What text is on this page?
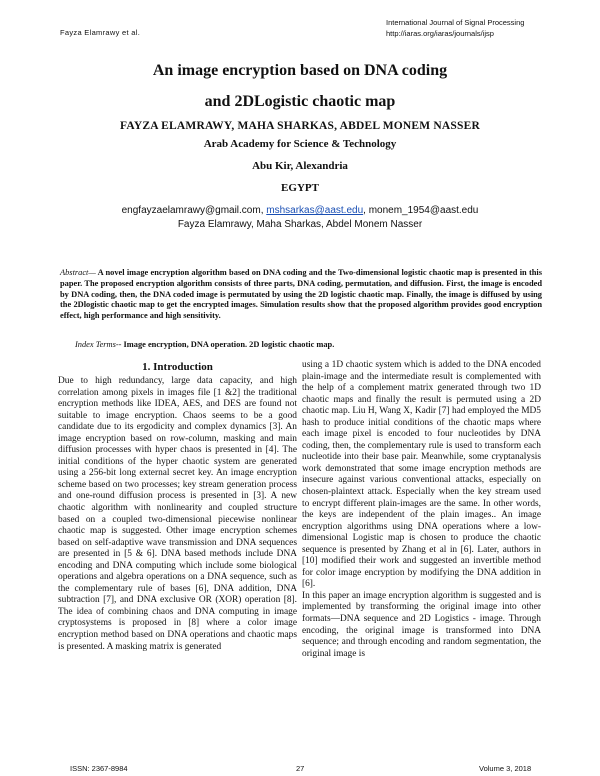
Fayza Elamrawy et al.
International Journal of Signal Processing
http://iaras.org/iaras/journals/ijsp
An image encryption based on DNA coding
and 2DLogistic chaotic map
FAYZA ELAMRAWY, MAHA SHARKAS, ABDEL MONEM NASSER
Arab Academy for Science & Technology
Abu Kir, Alexandria
EGYPT
engfayzaelamrawy@gmail.com, mshsarkas@aast.edu, monem_1954@aast.edu
Fayza Elamrawy, Maha Sharkas, Abdel Monem Nasser
Abstract— A novel image encryption algorithm based on DNA coding and the Two-dimensional logistic chaotic map is presented in this paper. The proposed encryption algorithm consists of three parts, DNA coding, permutation, and diffusion. First, the image is encoded by DNA coding, then, the DNA coded image is permutated by using the 2D logistic chaotic map. Finally, the image is diffused by using the 2Dlogistic chaotic map to get the encrypted images. Simulation results show that the proposed algorithm provides good encryption effect, high performance and high sensitivity.
Index Terms-- Image encryption, DNA operation. 2D logistic chaotic map.
1. Introduction

Due to high redundancy, large data capacity, and high correlation among pixels in images file [1 &2] the traditional encryption methods like IDEA, AES, and DES are found not suitable to image encryption. Chaos seems to be a good candidate due to its ergodicity and complex dynamics [3]. An image encryption based on row-column, masking and main diffusion processes with hyper chaos is presented in [4]. The initial conditions of the hyper chaotic system are generated using a 256-bit long external secret key. An image encryption scheme based on two processes; key stream generation process and one-round diffusion process is presented in [3]. A new chaotic algorithm with nonlinearity and coupled structure based on a coupled two-dimensional piecewise nonlinear chaotic map is suggested. Other image encryption schemes based on self-adaptive wave transmission and DNA sequences are presented in [5 & 6]. DNA based methods include DNA encoding and DNA computing which include some biological operations and algebra operations on a DNA sequence, such as the complementary rule of bases [6], DNA addition, DNA subtraction [7], and DNA exclusive OR (XOR) operation [8]. The idea of combining chaos and DNA computing in image cryptosystems is proposed in [8] where a color image encryption method based on DNA operations and chaotic maps is presented. A masking matrix is generated

using a 1D chaotic system which is added to the DNA encoded plain-image and the intermediate result is complemented with the help of a complement matrix generated through two 1D chaotic maps and finally the result is permuted using a 2D chaotic map. Liu H, Wang X, Kadir [7] had employed the MD5 hash to produce initial conditions of the chaotic maps where each image pixel is encoded to four nucleotides by DNA coding, then, the complementary rule is used to transform each nucleotide into their base pair. Meanwhile, some cryptanalysis work demonstrated that some image encryption methods are insecure against various conventional attacks, especially on chosen-plaintext attack. Especially when the key stream used to encrypt different plain-images are the same. In other words, the keys are independent of the plain images.. An image encryption algorithms using DNA operations where a low-dimensional Logistic map is chosen to produce the chaotic sequence is presented by Zhang et al in [6]. Later, authors in [10] modified their work and suggested an invertible method for color image encryption by modifying the DNA addition in [6].

In this paper an image encryption algorithm is suggested and is implemented by transforming the original image into other formats—DNA sequence and 2D Logistics - image. Through encoding, the original image is transformed into DNA sequence; and through encoding and random segmentation, the original image is

ISSN: 2367-8984	27	Volume 3, 2018
